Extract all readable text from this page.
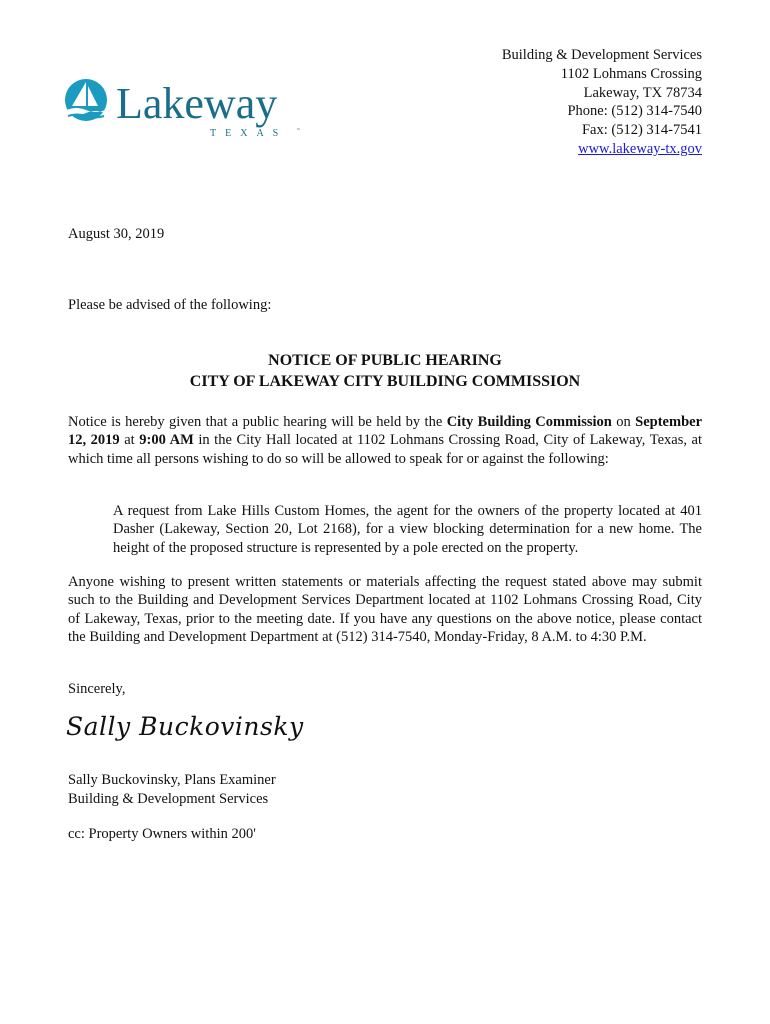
Lakeway
TEXAS ™
Building & Development Services
1102 Lohmans Crossing
Lakeway, TX 78734
Phone: (512) 314-7540
Fax: (512) 314-7541
www.lakeway-tx.gov
August 30, 2019
Please be advised of the following:
NOTICE OF PUBLIC HEARING
CITY OF LAKEWAY CITY BUILDING COMMISSION
Notice is hereby given that a public hearing will be held by the City Building Commission on September 12, 2019 at 9:00 AM in the City Hall located at 1102 Lohmans Crossing Road, City of Lakeway, Texas, at which time all persons wishing to do so will be allowed to speak for or against the following:
A request from Lake Hills Custom Homes, the agent for the owners of the property located at 401 Dasher (Lakeway, Section 20, Lot 2168), for a view blocking determination for a new home. The height of the proposed structure is represented by a pole erected on the property.
Anyone wishing to present written statements or materials affecting the request stated above may submit such to the Building and Development Services Department located at 1102 Lohmans Crossing Road, City of Lakeway, Texas, prior to the meeting date. If you have any questions on the above notice, please contact the Building and Development Department at (512) 314-7540, Monday-Friday, 8 A.M. to 4:30 P.M.
Sincerely,
Sally Buckovinsky
Sally Buckovinsky, Plans Examiner
Building & Development Services
cc: Property Owners within 200'
